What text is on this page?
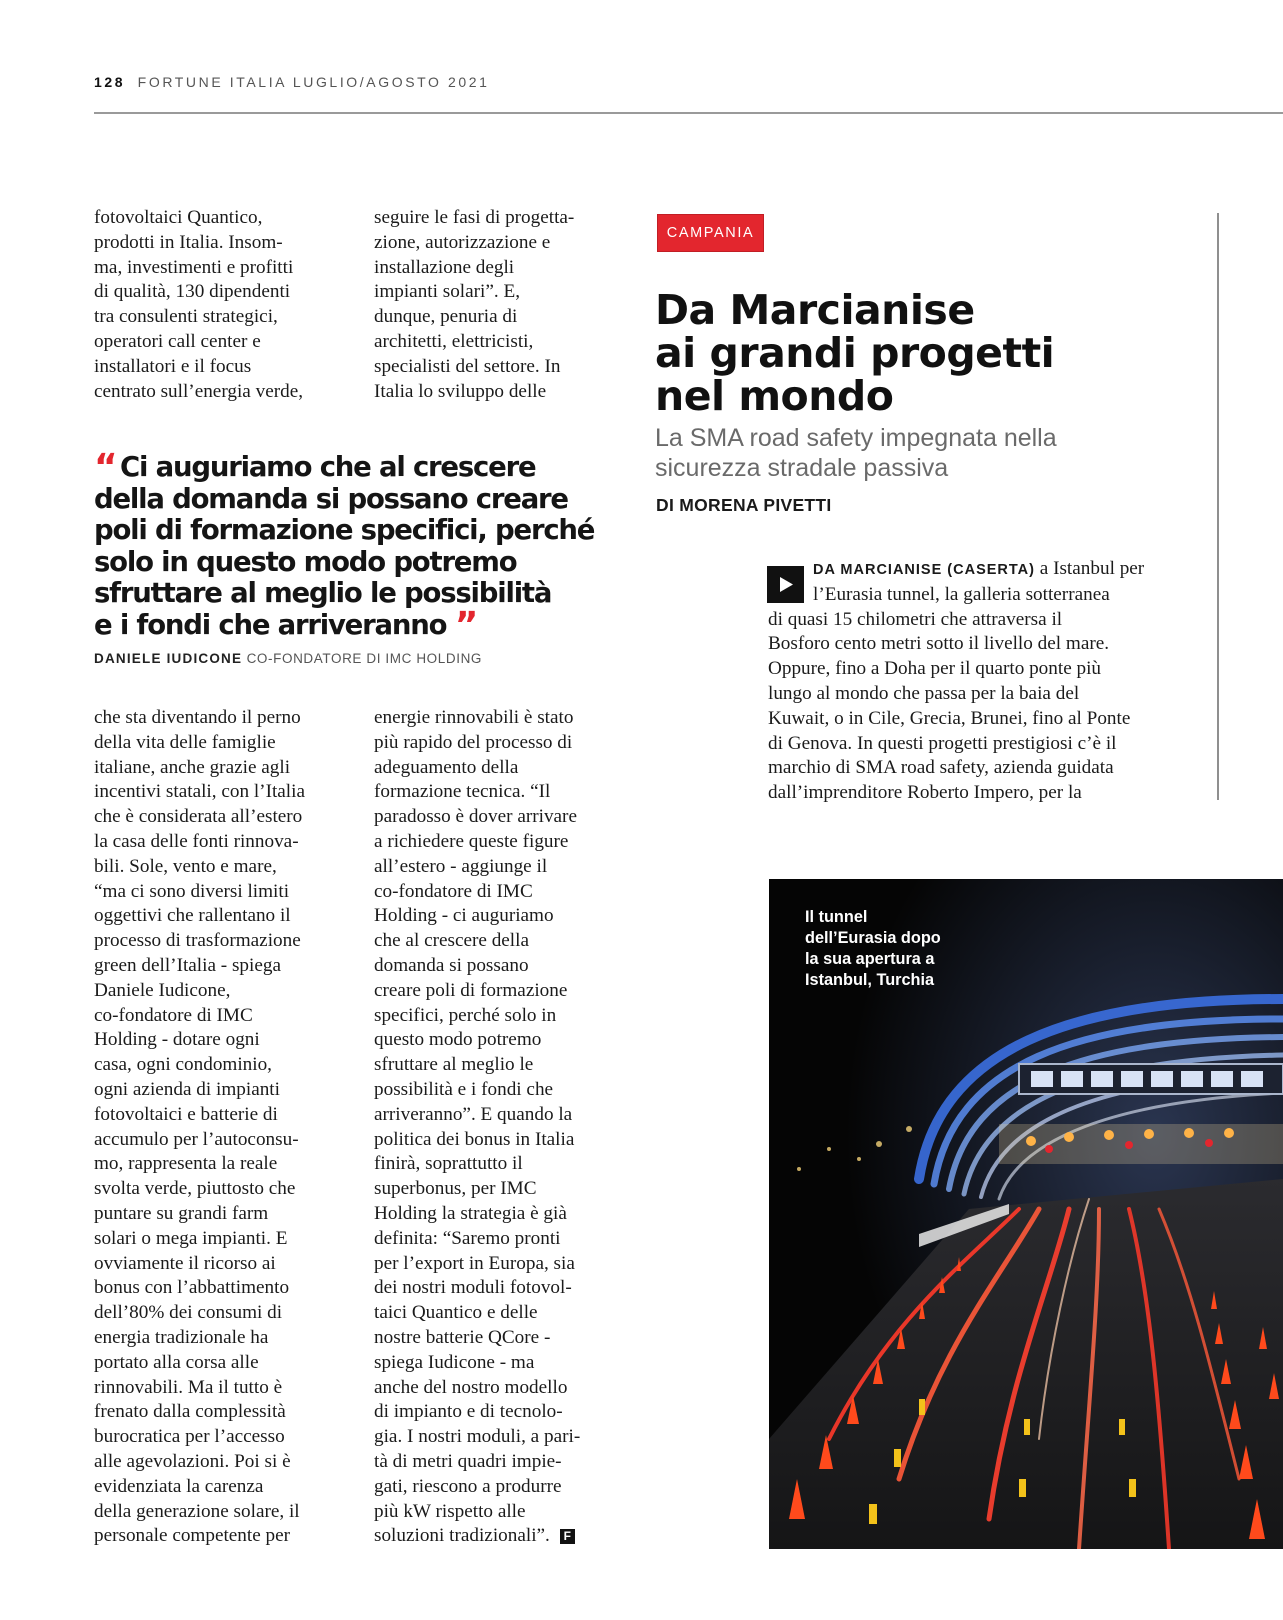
128 FORTUNE ITALIA LUGLIO/AGOSTO 2021

fotovoltaici Quantico,
prodotti in Italia. Insom-
ma, investimenti e profitti
di qualità, 130 dipendenti
tra consulenti strategici,
operatori call center e
installatori e il focus
centrato sull’energia verde,

seguire le fasi di progetta-
zione, autorizzazione e
installazione degli
impianti solari”. E,
dunque, penuria di
architetti, elettricisti,
specialisti del settore. In
Italia lo sviluppo delle

“ Ci auguriamo che al crescere
della domanda si possano creare
poli di formazione specifici, perché
solo in questo modo potremo
sfruttare al meglio le possibilità
e i fondi che arriveranno ”
DANIELE IUDICONE CO-FONDATORE DI IMC HOLDING

che sta diventando il perno
della vita delle famiglie
italiane, anche grazie agli
incentivi statali, con l’Italia
che è considerata all’estero
la casa delle fonti rinnova-
bili. Sole, vento e mare,
“ma ci sono diversi limiti
oggettivi che rallentano il
processo di trasformazione
green dell’Italia - spiega
Daniele Iudicone,
co-fondatore di IMC
Holding - dotare ogni
casa, ogni condominio,
ogni azienda di impianti
fotovoltaici e batterie di
accumulo per l’autoconsu-
mo, rappresenta la reale
svolta verde, piuttosto che
puntare su grandi farm
solari o mega impianti. E
ovviamente il ricorso ai
bonus con l’abbattimento
dell’80% dei consumi di
energia tradizionale ha
portato alla corsa alle
rinnovabili. Ma il tutto è
frenato dalla complessità
burocratica per l’accesso
alle agevolazioni. Poi si è
evidenziata la carenza
della generazione solare, il
personale competente per

energie rinnovabili è stato
più rapido del processo di
adeguamento della
formazione tecnica. “Il
paradosso è dover arrivare
a richiedere queste figure
all’estero - aggiunge il
co-fondatore di IMC
Holding - ci auguriamo
che al crescere della
domanda si possano
creare poli di formazione
specifici, perché solo in
questo modo potremo
sfruttare al meglio le
possibilità e i fondi che
arriveranno”. E quando la
politica dei bonus in Italia
finirà, soprattutto il
superbonus, per IMC
Holding la strategia è già
definita: “Saremo pronti
per l’export in Europa, sia
dei nostri moduli fotovol-
taici Quantico e delle
nostre batterie QCore -
spiega Iudicone - ma
anche del nostro modello
di impianto e di tecnolo-
gia. I nostri moduli, a pari-
tà di metri quadri impie-
gati, riescono a produrre
più kW rispetto alle
soluzioni tradizionali”. F

CAMPANIA
Da Marcianise
ai grandi progetti
nel mondo
La SMA road safety impegnata nella
sicurezza stradale passiva
DI MORENA PIVETTI

DA MARCIANISE (CASERTA) a Istanbul per
l’Eurasia tunnel, la galleria sotterranea
di quasi 15 chilometri che attraversa il
Bosforo cento metri sotto il livello del mare.
Oppure, fino a Doha per il quarto ponte più
lungo al mondo che passa per la baia del
Kuwait, o in Cile, Grecia, Brunei, fino al Ponte
di Genova. In questi progetti prestigiosi c’è il
marchio di SMA road safety, azienda guidata
dall’imprenditore Roberto Impero, per la

Il tunnel
dell’Eurasia dopo
la sua apertura a
Istanbul, Turchia
